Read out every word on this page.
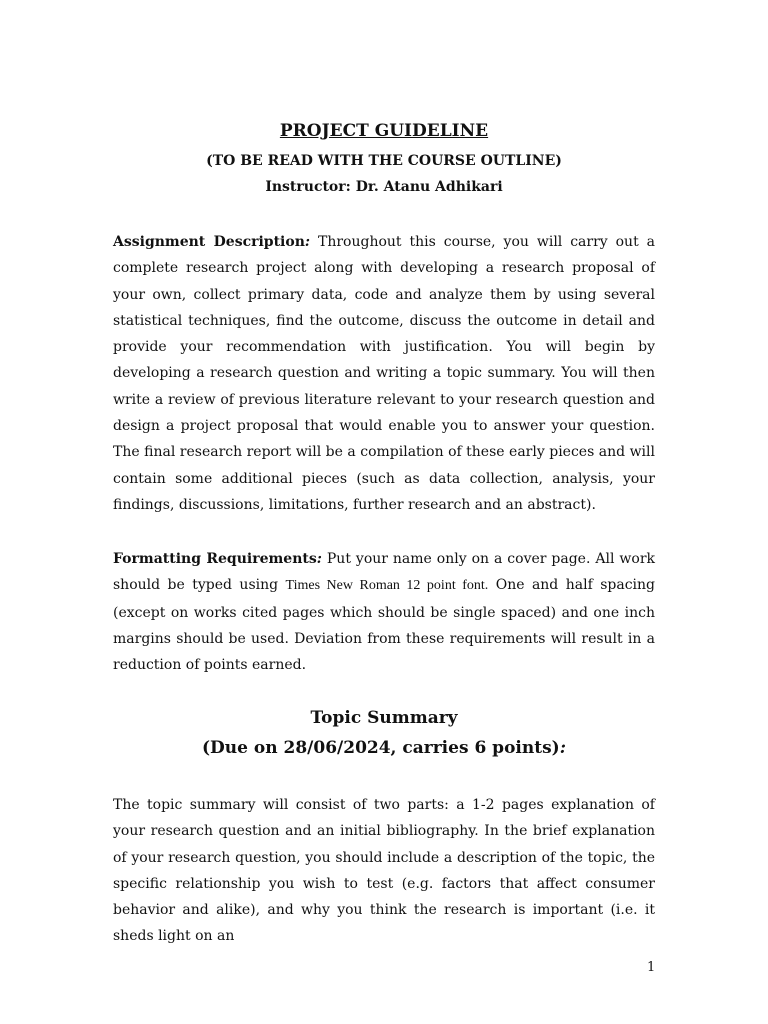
PROJECT GUIDELINE
(TO BE READ WITH THE COURSE OUTLINE)
Instructor: Dr. Atanu Adhikari
Assignment Description: Throughout this course, you will carry out a complete research project along with developing a research proposal of your own, collect primary data, code and analyze them by using several statistical techniques, find the outcome, discuss the outcome in detail and provide your recommendation with justification. You will begin by developing a research question and writing a topic summary. You will then write a review of previous literature relevant to your research question and design a project proposal that would enable you to answer your question. The final research report will be a compilation of these early pieces and will contain some additional pieces (such as data collection, analysis, your findings, discussions, limitations, further research and an abstract).
Formatting Requirements: Put your name only on a cover page. All work should be typed using Times New Roman 12 point font. One and half spacing (except on works cited pages which should be single spaced) and one inch margins should be used. Deviation from these requirements will result in a reduction of points earned.
Topic Summary
(Due on 28/06/2024, carries 6 points):
The topic summary will consist of two parts: a 1-2 pages explanation of your research question and an initial bibliography. In the brief explanation of your research question, you should include a description of the topic, the specific relationship you wish to test (e.g. factors that affect consumer behavior and alike), and why you think the research is important (i.e. it sheds light on an
1
